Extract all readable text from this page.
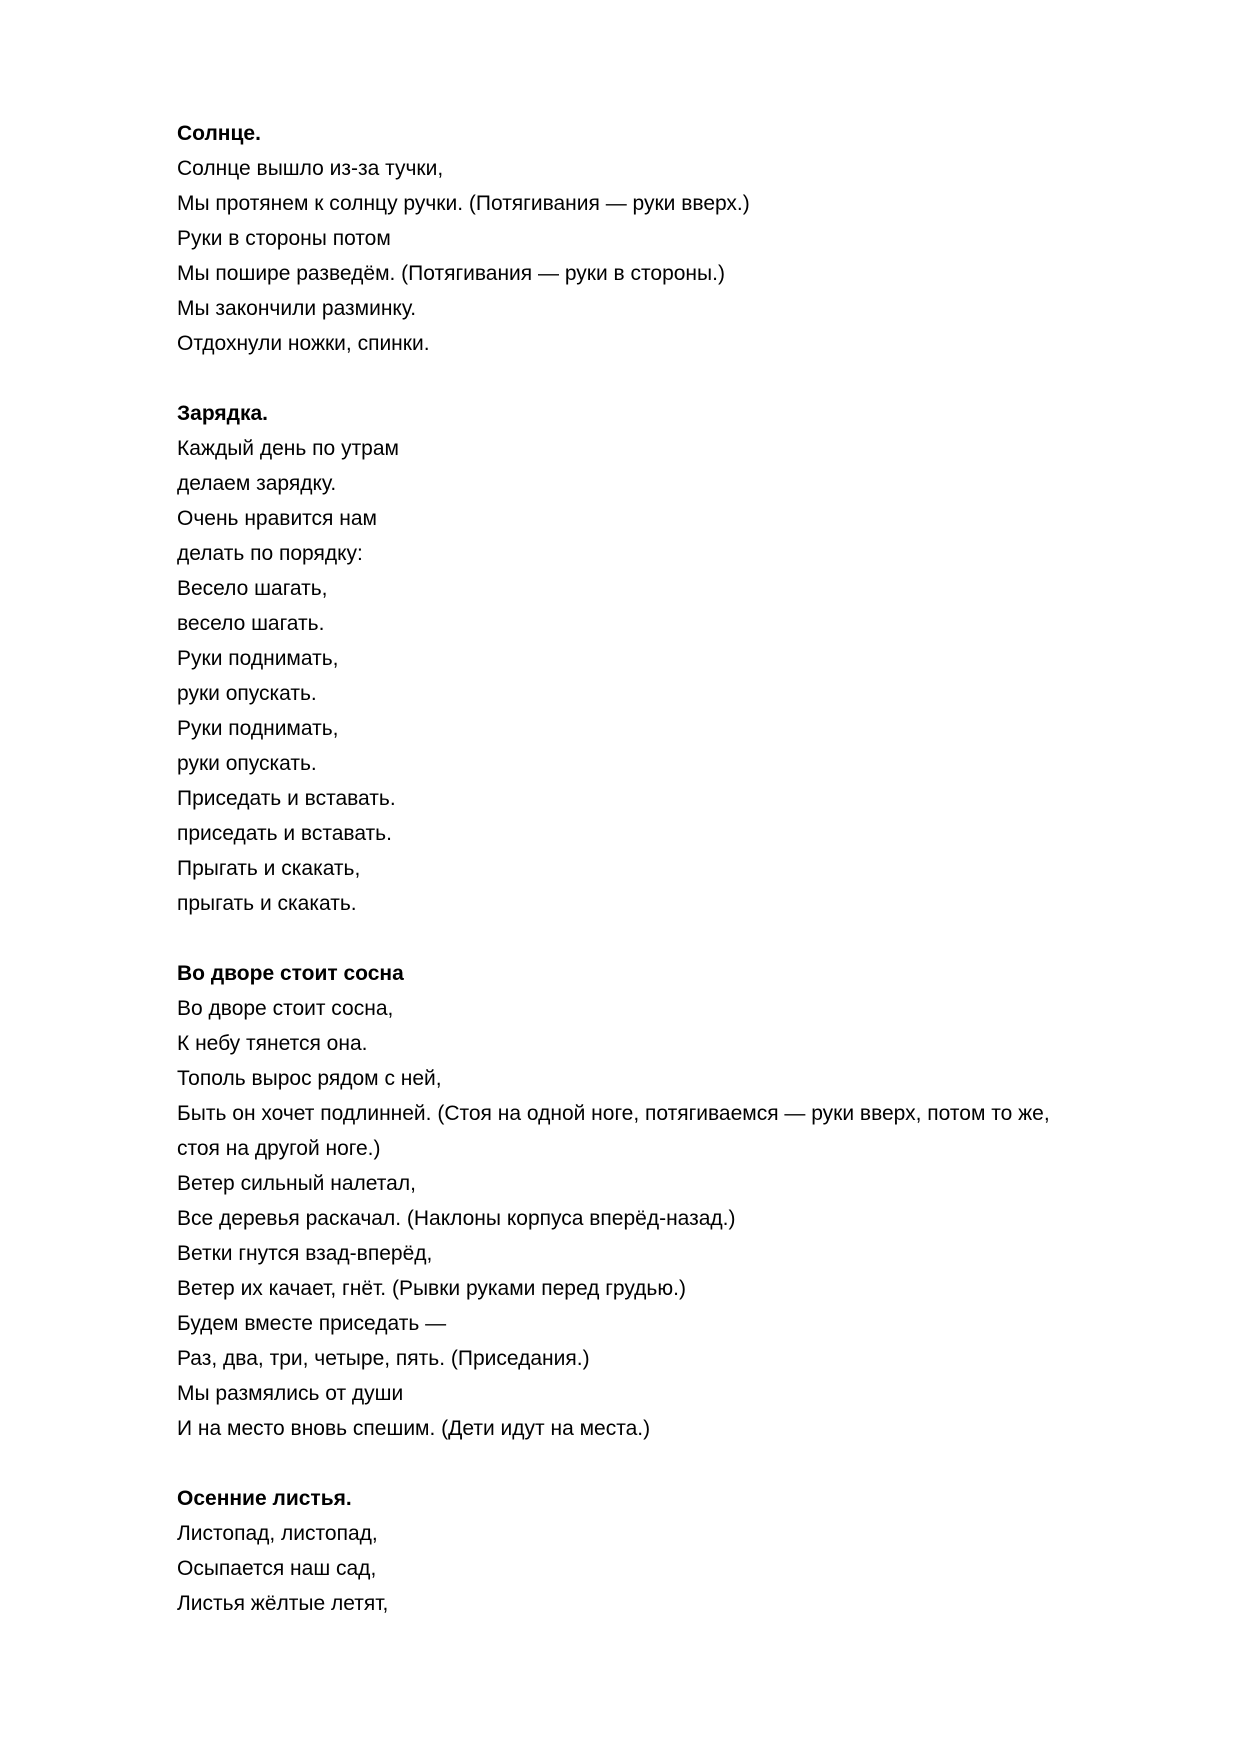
Солнце.
Солнце вышло из-за тучки,
Мы протянем к солнцу ручки. (Потягивания — руки вверх.)
Руки в стороны потом
Мы пошире разведём. (Потягивания — руки в стороны.)
Мы закончили разминку.
Отдохнули ножки, спинки.
Зарядка.
Каждый день по утрам
делаем зарядку.
Очень нравится нам
делать по порядку:
Весело шагать,
весело шагать.
Руки поднимать,
руки опускать.
Руки поднимать,
руки опускать.
Приседать и вставать.
приседать и вставать.
Прыгать и скакать,
прыгать и скакать.
Во дворе стоит сосна
Во дворе стоит сосна,
К небу тянется она.
Тополь вырос рядом с ней,
Быть он хочет подлинней. (Стоя на одной ноге, потягиваемся — руки вверх, потом то же,
стоя на другой ноге.)
Ветер сильный налетал,
Все деревья раскачал. (Наклоны корпуса вперёд-назад.)
Ветки гнутся взад-вперёд,
Ветер их качает, гнёт. (Рывки руками перед грудью.)
Будем вместе приседать —
Раз, два, три, четыре, пять. (Приседания.)
Мы размялись от души
И на место вновь спешим. (Дети идут на места.)
Осенние листья.
Листопад, листопад,
Осыпается наш сад,
Листья жёлтые летят,
